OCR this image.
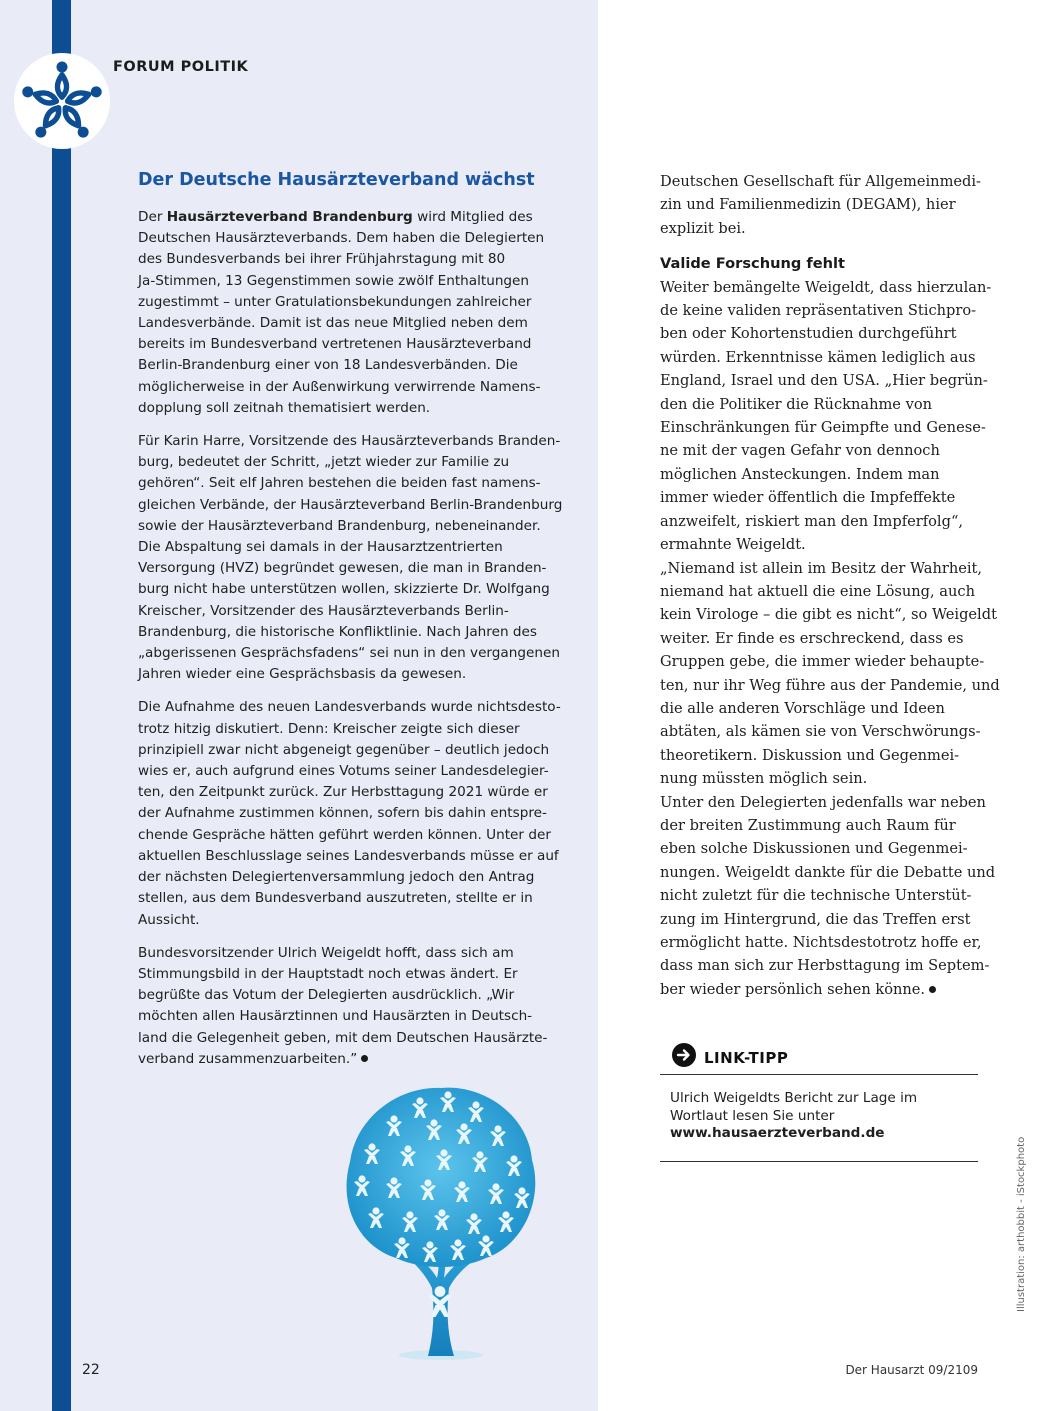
FORUM POLITIK
Der Deutsche Hausärzteverband wächst

Der Hausärzteverband Brandenburg wird Mitglied des
Deutschen Hausärzteverbands. Dem haben die Delegierten
des Bundesverbands bei ihrer Frühjahrstagung mit 80
Ja-Stimmen, 13 Gegenstimmen sowie zwölf Enthaltungen
zugestimmt – unter Gratulationsbekundungen zahlreicher
Landesverbände. Damit ist das neue Mitglied neben dem
bereits im Bundesverband vertretenen Hausärzteverband
Berlin-Brandenburg einer von 18 Landesverbänden. Die
möglicherweise in der Außenwirkung verwirrende Namens-
dopplung soll zeitnah thematisiert werden.

Für Karin Harre, Vorsitzende des Hausärzteverbands Branden-
burg, bedeutet der Schritt, „jetzt wieder zur Familie zu
gehören“. Seit elf Jahren bestehen die beiden fast namens-
gleichen Verbände, der Hausärzteverband Berlin-Brandenburg
sowie der Hausärzteverband Brandenburg, nebeneinander.
Die Abspaltung sei damals in der Hausarztzentrierten
Versorgung (HVZ) begründet gewesen, die man in Branden-
burg nicht habe unterstützen wollen, skizzierte Dr. Wolfgang
Kreischer, Vorsitzender des Hausärzteverbands Berlin-
Brandenburg, die historische Konfliktlinie. Nach Jahren des
„abgerissenen Gesprächsfadens“ sei nun in den vergangenen
Jahren wieder eine Gesprächsbasis da gewesen.

Die Aufnahme des neuen Landesverbands wurde nichtsdesto-
trotz hitzig diskutiert. Denn: Kreischer zeigte sich dieser
prinzipiell zwar nicht abgeneigt gegenüber – deutlich jedoch
wies er, auch aufgrund eines Votums seiner Landesdelegier-
ten, den Zeitpunkt zurück. Zur Herbsttagung 2021 würde er
der Aufnahme zustimmen können, sofern bis dahin entspre-
chende Gespräche hätten geführt werden können. Unter der
aktuellen Beschlusslage seines Landesverbands müsse er auf
der nächsten Delegiertenversammlung jedoch den Antrag
stellen, aus dem Bundesverband auszutreten, stellte er in
Aussicht.

Bundesvorsitzender Ulrich Weigeldt hofft, dass sich am
Stimmungsbild in der Hauptstadt noch etwas ändert. Er
begrüßte das Votum der Delegierten ausdrücklich. „Wir
möchten allen Hausärztinnen und Hausärzten in Deutsch-
land die Gelegenheit geben, mit dem Deutschen Hausärzte-
verband zusammenzuarbeiten.”

Deutschen Gesellschaft für Allgemeinmedi-
zin und Familienmedizin (DEGAM), hier
explizit bei.
Valide Forschung fehlt
Weiter bemängelte Weigeldt, dass hierzulan-
de keine validen repräsentativen Stichpro-
ben oder Kohortenstudien durchgeführt
würden. Erkenntnisse kämen lediglich aus
England, Israel und den USA. „Hier begrün-
den die Politiker die Rücknahme von
Einschränkungen für Geimpfte und Genese-
ne mit der vagen Gefahr von dennoch
möglichen Ansteckungen. Indem man
immer wieder öffentlich die Impfeffekte
anzweifelt, riskiert man den Impferfolg“,
ermahnte Weigeldt.
„Niemand ist allein im Besitz der Wahrheit,
niemand hat aktuell die eine Lösung, auch
kein Virologe – die gibt es nicht“, so Weigeldt
weiter. Er finde es erschreckend, dass es
Gruppen gebe, die immer wieder behaupte-
ten, nur ihr Weg führe aus der Pandemie, und
die alle anderen Vorschläge und Ideen
abtäten, als kämen sie von Verschwörungs-
theoretikern. Diskussion und Gegenmei-
nung müssten möglich sein.
Unter den Delegierten jedenfalls war neben
der breiten Zustimmung auch Raum für
eben solche Diskussionen und Gegenmei-
nungen. Weigeldt dankte für die Debatte und
nicht zuletzt für die technische Unterstüt-
zung im Hintergrund, die das Treffen erst
ermöglicht hatte. Nichtsdestotrotz hoffe er,
dass man sich zur Herbsttagung im Septem-
ber wieder persönlich sehen könne.
LINK-TIPP
Ulrich Weigeldts Bericht zur Lage im
Wortlaut lesen Sie unter
www.hausaerzteverband.de
Illustration: arthobbit - iStockphoto
22	Der Hausarzt 09/2109
